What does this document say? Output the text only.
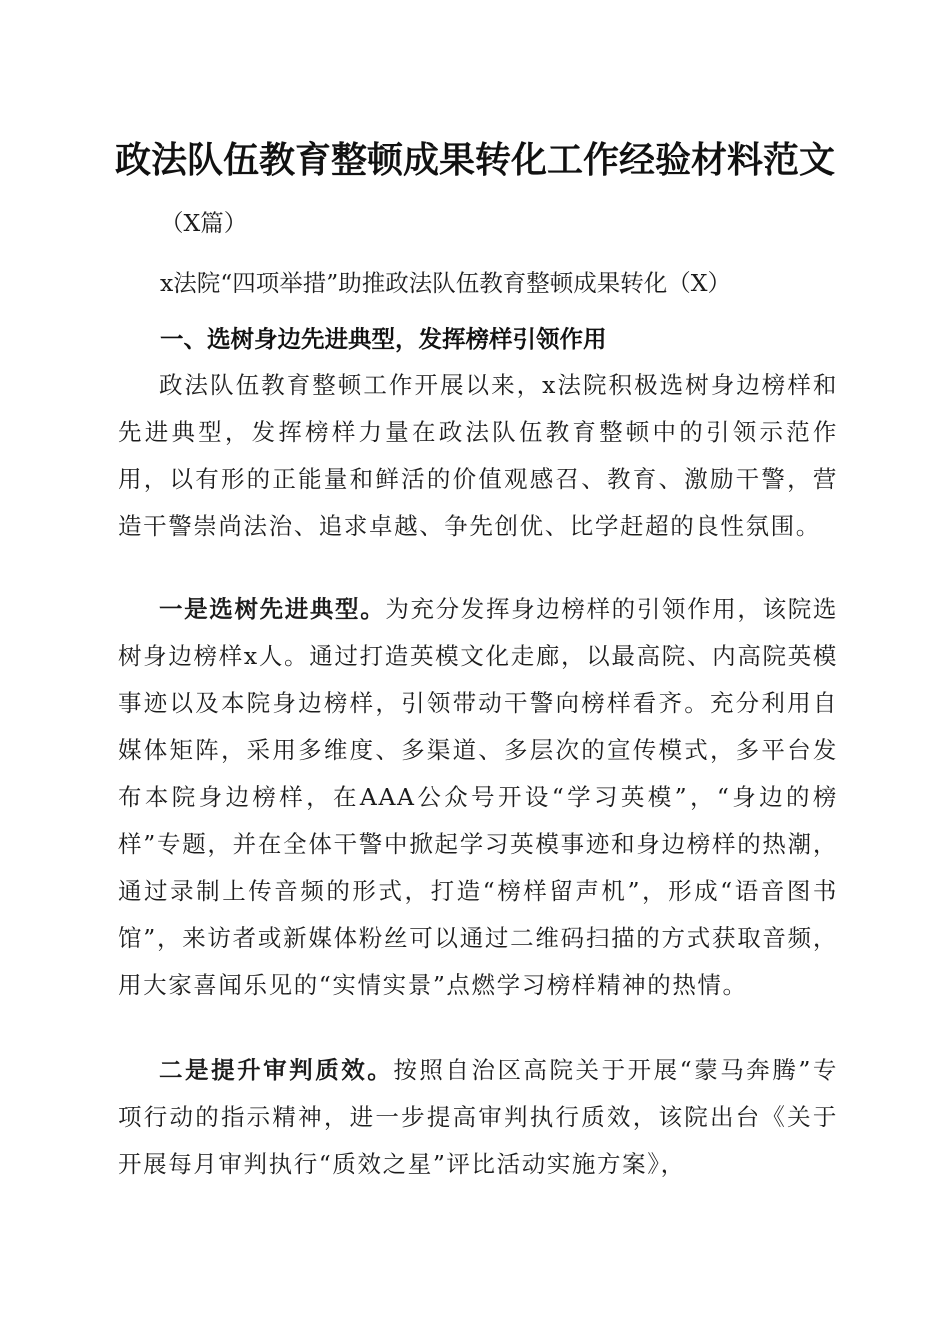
政法队伍教育整顿成果转化工作经验材料范文
（X篇）
x法院“四项举措”助推政法队伍教育整顿成果转化（X）
一、选树身边先进典型，发挥榜样引领作用
政法队伍教育整顿工作开展以来，x法院积极选树身边榜样和先进典型，发挥榜样力量在政法队伍教育整顿中的引领示范作用，以有形的正能量和鲜活的价值观感召、教育、激励干警，营造干警崇尚法治、追求卓越、争先创优、比学赶超的良性氛围。
一是选树先进典型。为充分发挥身边榜样的引领作用，该院选树身边榜样x人。通过打造英模文化走廊，以最高院、内高院英模事迹以及本院身边榜样，引领带动干警向榜样看齐。充分利用自媒体矩阵，采用多维度、多渠道、多层次的宣传模式，多平台发布本院身边榜样，在AAA公众号开设“学习英模”，“身边的榜样”专题，并在全体干警中掀起学习英模事迹和身边榜样的热潮，通过录制上传音频的形式，打造“榜样留声机”，形成“语音图书馆”，来访者或新媒体粉丝可以通过二维码扫描的方式获取音频，用大家喜闻乐见的“实情实景”点燃学习榜样精神的热情。
二是提升审判质效。按照自治区高院关于开展“蒙马奔腾”专项行动的指示精神，进一步提高审判执行质效，该院出台《关于开展每月审判执行“质效之星”评比活动实施方案》，
